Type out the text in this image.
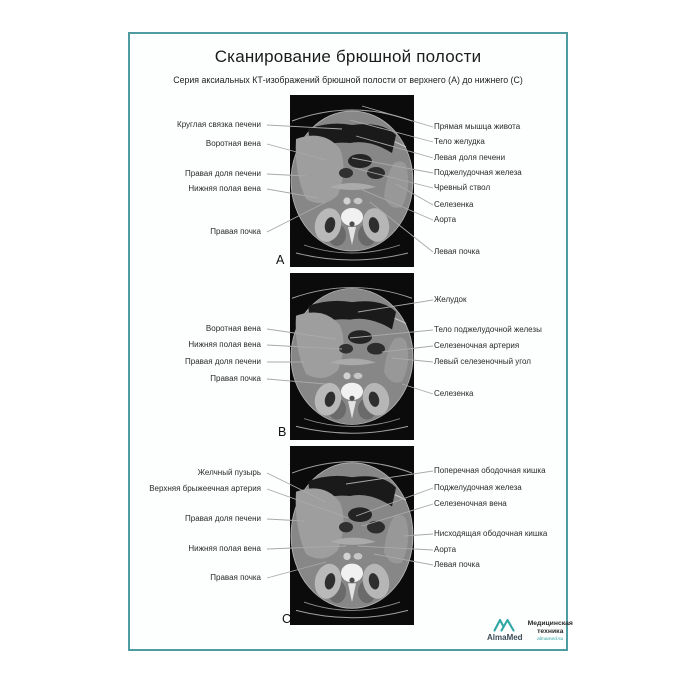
Сканирование брюшной полости
Серия аксиальных КТ-изображений брюшной полости от верхнего (А) до нижнего (С)
A
B
C
Круглая связка печени
Воротная вена
Правая доля печени
Нижняя полая вена
Правая почка
Прямая мышца живота
Тело желудка
Левая доля печени
Поджелудочная железа
Чревный ствол
Селезенка
Аорта
Левая почка
Воротная вена
Нижняя полая вена
Правая доля печени
Правая почка
Желудок
Тело поджелудочной железы
Селезеночная артерия
Левый селезеночный угол
Селезенка
Желчный пузырь
Верхняя брыжеечная артерия
Правая доля печени
Нижняя полая вена
Правая почка
Поперечная ободочная кишка
Поджелудочная железа
Селезеночная вена
Нисходящая ободочная кишка
Аорта
Левая почка
AlmaMed
Медицинская
техника
almamed.su
